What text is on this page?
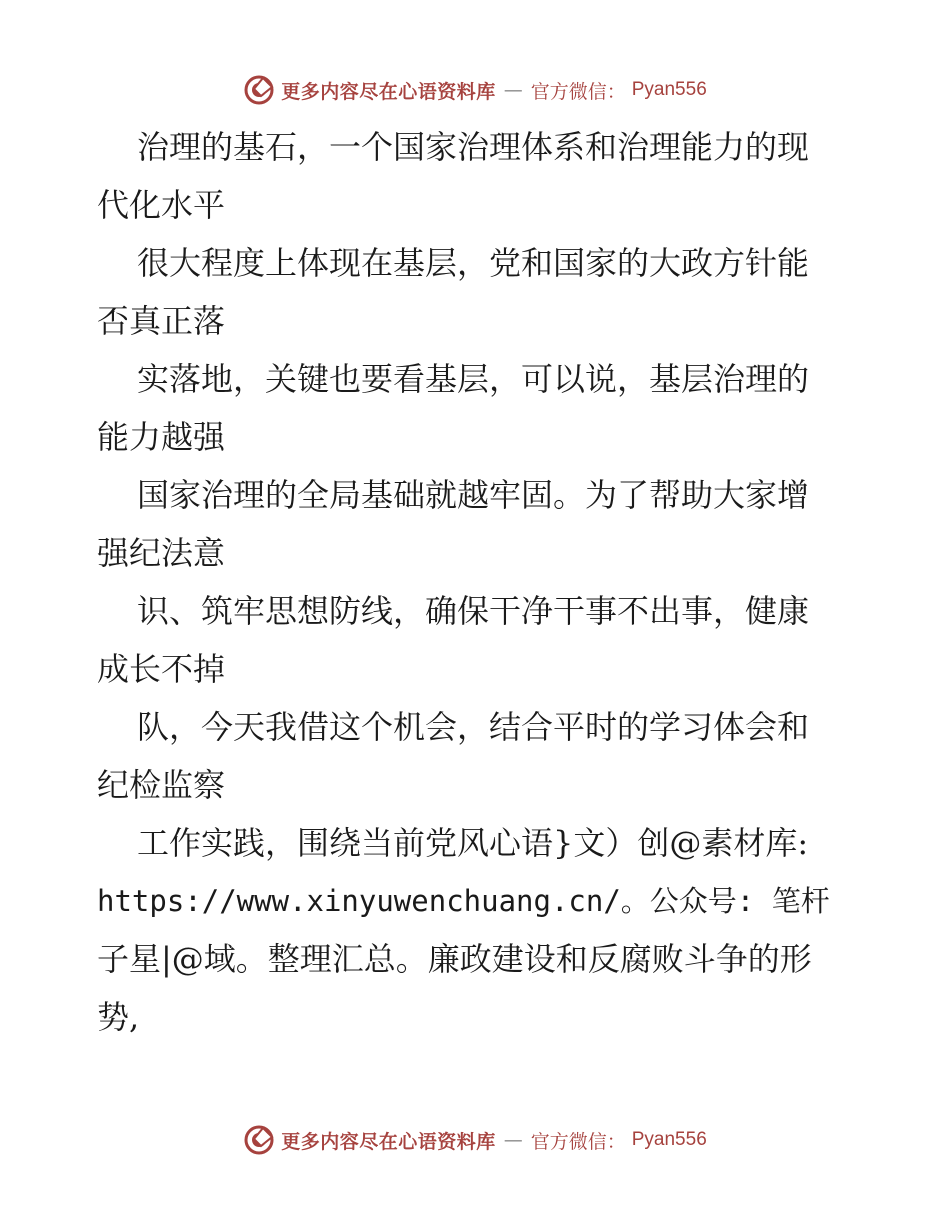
更多内容尽在心语资料库 — 官方微信： Pyan556
治理的基石，一个国家治理体系和治理能力的现
代化水平
很大程度上体现在基层，党和国家的大政方针能
否真正落
实落地，关键也要看基层，可以说，基层治理的
能力越强
国家治理的全局基础就越牢固。为了帮助大家增
强纪法意
识、筑牢思想防线，确保干净干事不出事，健康
成长不掉
队，今天我借这个机会，结合平时的学习体会和
纪检监察
工作实践，围绕当前党风心语}文）创@素材库:
https://www.xinyuwenchuang.cn/。公众号: 笔杆
子星|@域。整理汇总。廉政建设和反腐败斗争的形
势,
更多内容尽在心语资料库 — 官方微信： Pyan556
